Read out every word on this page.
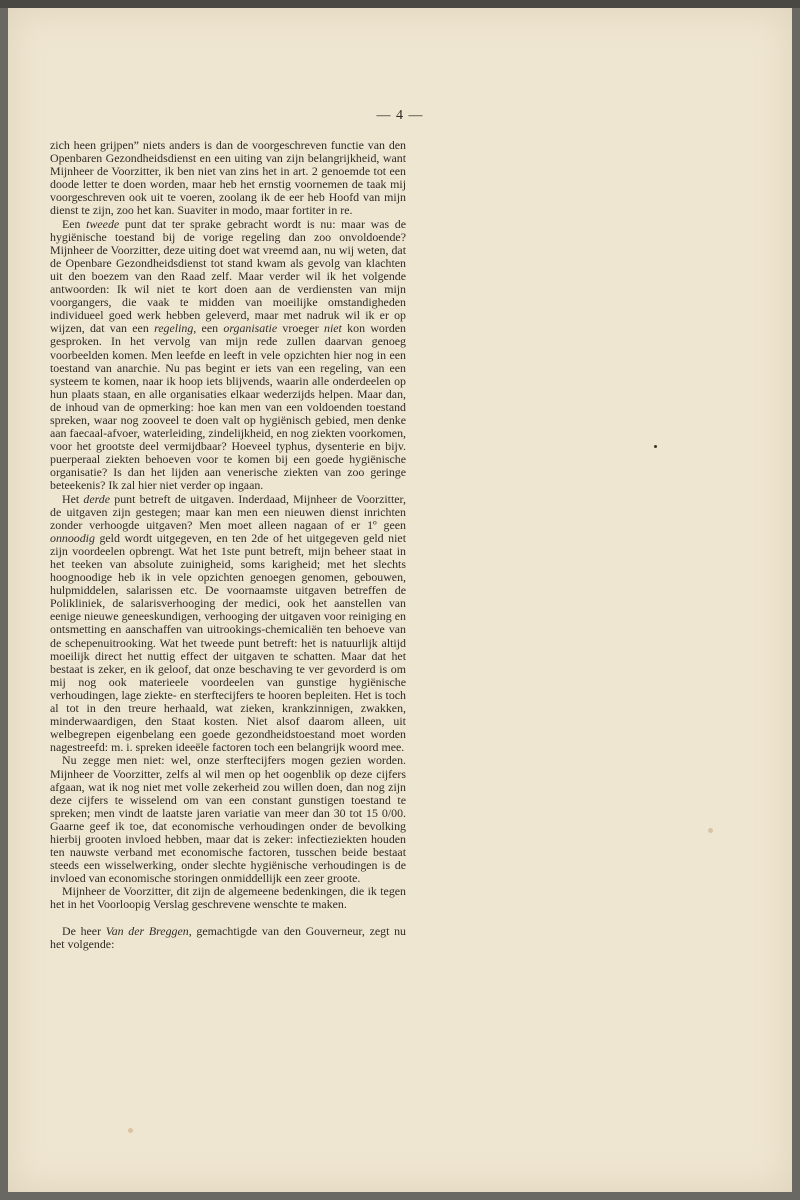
— 4 —

zich heen grijpen” niets anders is dan de voorgeschreven functie van den Openbaren Gezondheidsdienst en een uiting van zijn belangrijkheid, want Mijnheer de Voorzitter, ik ben niet van zins het in art. 2 genoemde tot een doode letter te doen worden, maar heb het ernstig voornemen de taak mij voorgeschreven ook uit te voeren, zoolang ik de eer heb Hoofd van mijn dienst te zijn, zoo het kan. Suaviter in modo, maar fortiter in re.

Een tweede punt dat ter sprake gebracht wordt is nu: maar was de hygiënische toestand bij de vorige regeling dan zoo onvoldoende? Mijnheer de Voorzitter, deze uiting doet wat vreemd aan, nu wij weten, dat de Openbare Gezondheidsdienst tot stand kwam als gevolg van klachten uit den boezem van den Raad zelf. Maar verder wil ik het volgende antwoorden: Ik wil niet te kort doen aan de verdiensten van mijn voorgangers, die vaak te midden van moeilijke omstandigheden individueel goed werk hebben geleverd, maar met nadruk wil ik er op wijzen, dat van een regeling, een organisatie vroeger niet kon worden gesproken. In het vervolg van mijn rede zullen daarvan genoeg voorbeelden komen. Men leefde en leeft in vele opzichten hier nog in een toestand van anarchie. Nu pas begint er iets van een regeling, van een systeem te komen, naar ik hoop iets blijvends, waarin alle onderdeelen op hun plaats staan, en alle organisaties elkaar wederzijds helpen. Maar dan, de inhoud van de opmerking: hoe kan men van een voldoenden toestand spreken, waar nog zooveel te doen valt op hygiënisch gebied, men denke aan faecaal-afvoer, waterleiding, zindelijkheid, en nog ziekten voorkomen, voor het grootste deel vermijdbaar? Hoeveel typhus, dysenterie en bijv. puerperaal ziekten behoeven voor te komen bij een goede hygiënische organisatie? Is dan het lijden aan venerische ziekten van zoo geringe beteekenis? Ik zal hier niet verder op ingaan.

Het derde punt betreft de uitgaven. Inderdaad, Mijnheer de Voorzitter, de uitgaven zijn gestegen; maar kan men een nieuwen dienst inrichten zonder verhoogde uitgaven? Men moet alleen nagaan of er 1º geen onnoodig geld wordt uitgegeven, en ten 2de of het uitgegeven geld niet zijn voordeelen opbrengt. Wat het 1ste punt betreft, mijn beheer staat in het teeken van absolute zuinigheid, soms karigheid; met het slechts hoognoodige heb ik in vele opzichten genoegen genomen, gebouwen, hulpmiddelen, salarissen etc. De voornaamste uitgaven betreffen de Polikliniek, de salarisverhooging der medici, ook het aanstellen van eenige nieuwe geneeskundigen, verhooging der uitgaven voor reiniging en ontsmetting en aanschaffen van uitrookings-chemicaliën ten behoeve van de schepenuitrooking. Wat het tweede punt betreft: het is natuurlijk altijd moeilijk direct het nuttig effect der uitgaven te schatten. Maar dat het bestaat is zeker, en ik geloof, dat onze beschaving te ver gevorderd is om mij nog ook materieele voordeelen van gunstige hygiënische verhoudingen, lage ziekte- en sterftecijfers te hooren bepleiten. Het is toch al tot in den treure herhaald, wat zieken, krankzinnigen, zwakken, minderwaardigen, den Staat kosten. Niet alsof daarom alleen, uit welbegrepen eigenbelang een goede gezondheidstoestand moet worden nagestreefd: m. i. spreken ideeële factoren toch een belangrijk woord mee.

Nu zegge men niet: wel, onze sterftecijfers mogen gezien worden. Mijnheer de Voorzitter, zelfs al wil men op het oogenblik op deze cijfers afgaan, wat ik nog niet met volle zekerheid zou willen doen, dan nog zijn deze cijfers te wisselend om van een constant gunstigen toestand te spreken; men vindt de laatste jaren variatie van meer dan 30 tot 15 0/00. Gaarne geef ik toe, dat economische verhoudingen onder de bevolking hierbij grooten invloed hebben, maar dat is zeker: infectieziekten houden ten nauwste verband met economische factoren, tusschen beide bestaat steeds een wisselwerking, onder slechte hygiënische verhoudingen is de invloed van economische storingen onmiddellijk een zeer groote.

Mijnheer de Voorzitter, dit zijn de algemeene bedenkingen, die ik tegen het in het Voorloopig Verslag geschrevene wenschte te maken.

De heer Van der Breggen, gemachtigde van den Gouverneur, zegt nu het volgende:
